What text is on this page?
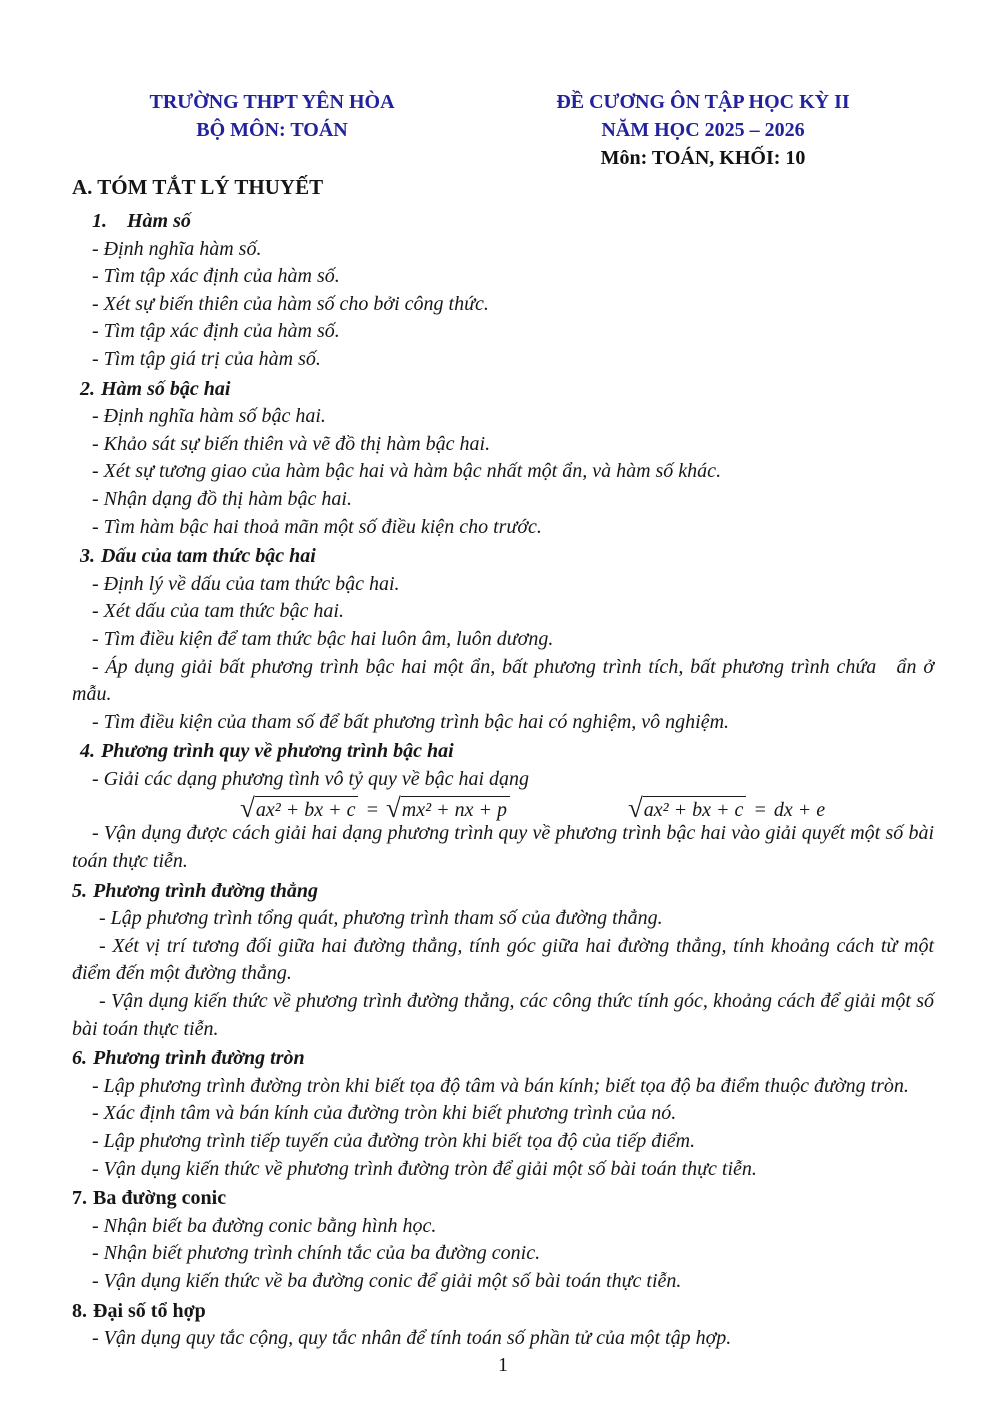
TRƯỜNG THPT YÊN HÒA
BỘ MÔN: TOÁN
ĐỀ CƯƠNG ÔN TẬP HỌC KỲ II
NĂM HỌC 2025 – 2026
Môn: TOÁN, KHỐI: 10
A. TÓM TẮT LÝ THUYẾT

1. Hàm số

- Định nghĩa hàm số.

- Tìm tập xác định của hàm số.

- Xét sự biến thiên của hàm số cho bởi công thức.

- Tìm tập xác định của hàm số.

- Tìm tập giá trị của hàm số.

2. Hàm số bậc hai

- Định nghĩa hàm số bậc hai.

- Khảo sát sự biến thiên và vẽ đồ thị hàm bậc hai.

- Xét sự tương giao của hàm bậc hai và hàm bậc nhất một ẩn, và hàm số khác.

- Nhận dạng đồ thị hàm bậc hai.

- Tìm hàm bậc hai thoả mãn một số điều kiện cho trước.

3. Dấu của tam thức bậc hai

- Định lý về dấu của tam thức bậc hai.

- Xét dấu của tam thức bậc hai.

- Tìm điều kiện để tam thức bậc hai luôn âm, luôn dương.

- Áp dụng giải bất phương trình bậc hai một ẩn, bất phương trình tích, bất phương trình chứa   ẩn ở mẫu.

- Tìm điều kiện của tham số để bất phương trình bậc hai có nghiệm, vô nghiệm.

4. Phương trình quy về phương trình bậc hai

- Giải các dạng phương tình vô tỷ quy về bậc hai dạng

√ ax² + bx + c = √ mx² + nx + p	√ ax² + bx + c = dx + e

- Vận dụng được cách giải hai dạng phương trình quy về phương trình bậc hai vào giải quyết một số bài toán thực tiễn.

5. Phương trình đường thẳng

- Lập phương trình tổng quát, phương trình tham số của đường thẳng.

- Xét vị trí tương đối giữa hai đường thẳng, tính góc giữa hai đường thẳng, tính khoảng cách từ một điểm đến một đường thẳng.

- Vận dụng kiến thức về phương trình đường thẳng, các công thức tính góc, khoảng cách để giải một số bài toán thực tiễn.

6. Phương trình đường tròn

- Lập phương trình đường tròn khi biết tọa độ tâm và bán kính; biết tọa độ ba điểm thuộc đường tròn.

- Xác định tâm và bán kính của đường tròn khi biết phương trình của nó.

- Lập phương trình tiếp tuyến của đường tròn khi biết tọa độ của tiếp điểm.

- Vận dụng kiến thức về phương trình đường tròn để giải một số bài toán thực tiễn.

7. Ba đường conic

- Nhận biết ba đường conic bằng hình học.

- Nhận biết phương trình chính tắc của ba đường conic.

- Vận dụng kiến thức về ba đường conic để giải một số bài toán thực tiễn.

8. Đại số tổ hợp

- Vận dụng quy tắc cộng, quy tắc nhân để tính toán số phần tử của một tập hợp.

1
